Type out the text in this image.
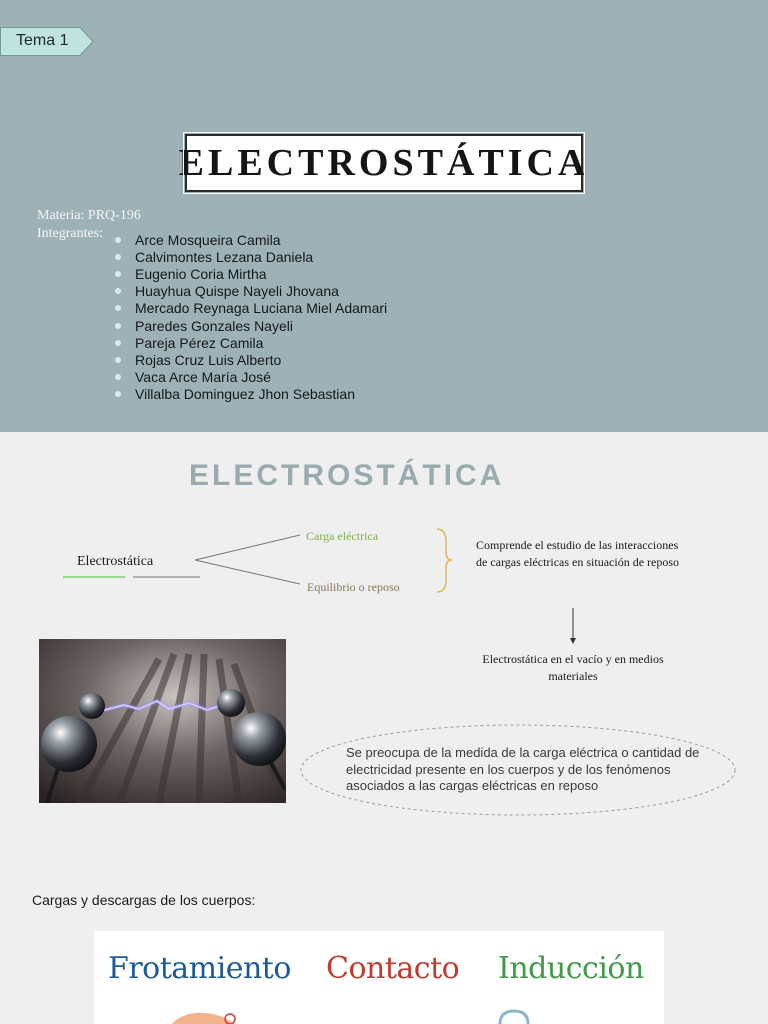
Tema 1
ELECTROSTÁTICA
Materia: PRQ-196
Integrantes: Arce Mosqueira Camila
Calvimontes Lezana Daniela
Eugenio Coria Mirtha
Huayhua Quispe Nayeli Jhovana
Mercado Reynaga Luciana Miel Adamari
Paredes Gonzales Nayeli
Pareja Pérez Camila
Rojas Cruz Luis Alberto
Vaca Arce María José
Villalba Dominguez Jhon Sebastian
ELECTROSTÁTICA
Electrostática
Carga eléctrica
Equilibrio o reposo
Comprende el estudio de las interacciones de cargas eléctricas en situación de reposo
Electrostática en el vacío y en medios materiales
Se preocupa de la medida de la carga eléctrica o cantidad de electricidad presente en los cuerpos y de los fenómenos asociados a las cargas eléctricas en reposo
Cargas y descargas de los cuerpos:
Frotamiento Contacto Inducción
